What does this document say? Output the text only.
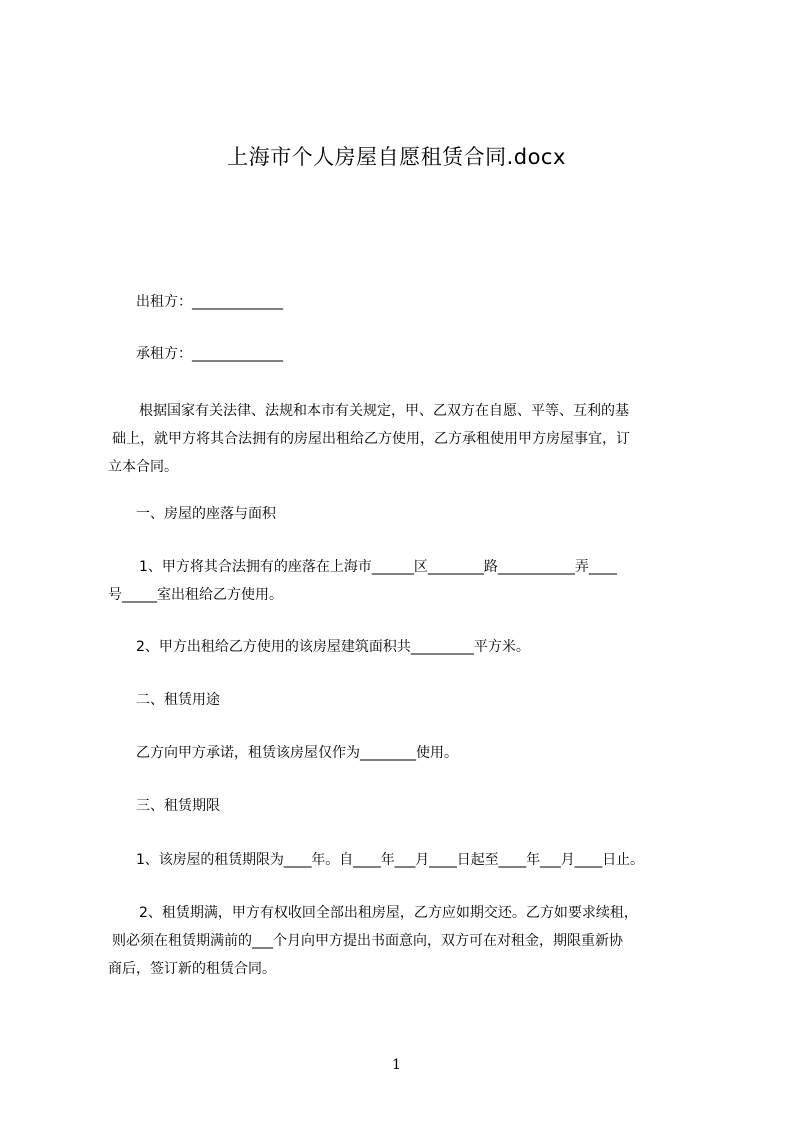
上海市个人房屋自愿租赁合同.docx
出租方：_____________
承租方：_____________
根据国家有关法律、法规和本市有关规定，甲、乙双方在自愿、平等、互利的基
础上，就甲方将其合法拥有的房屋出租给乙方使用，乙方承租使用甲方房屋事宜，订
立本合同。
一、房屋的座落与面积
1、甲方将其合法拥有的座落在上海市______区________路___________弄____
号_____室出租给乙方使用。
2、甲方出租给乙方使用的该房屋建筑面积共_________平方米。
二、租赁用途
乙方向甲方承诺，租赁该房屋仅作为________使用。
三、租赁期限
1、该房屋的租赁期限为____年。自____年___月____日起至____年___月____日止。
2、租赁期满，甲方有权收回全部出租房屋，乙方应如期交还。乙方如要求续租，
则必须在租赁期满前的___个月向甲方提出书面意向，双方可在对租金，期限重新协
商后，签订新的租赁合同。
1
